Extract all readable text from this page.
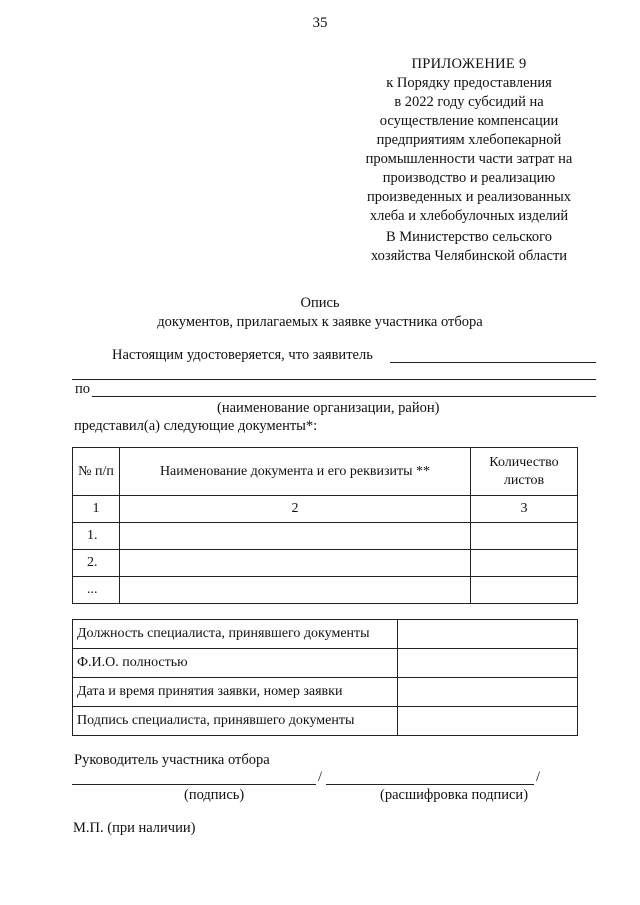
35
ПРИЛОЖЕНИЕ 9
к Порядку предоставления
в 2022 году субсидий на
осуществление компенсации
предприятиям хлебопекарной
промышленности части затрат на
производство и реализацию
произведенных и реализованных
хлеба и хлебобулочных изделий
В Министерство сельского
хозяйства Челябинской области
Опись
документов, прилагаемых к заявке участника отбора
Настоящим удостоверяется, что заявитель
по
(наименование организации, район)
представил(а) следующие документы*:
№ п/п	Наименование документа и его реквизиты **	Количество листов
1	2	3
1.		
2.		
...		
Должность специалиста, принявшего документы	
Ф.И.О. полностью	
Дата и время принятия заявки, номер заявки	
Подпись специалиста, принявшего документы	
Руководитель участника отбора
/	/
(подпись)	(расшифровка подписи)
М.П. (при наличии)
